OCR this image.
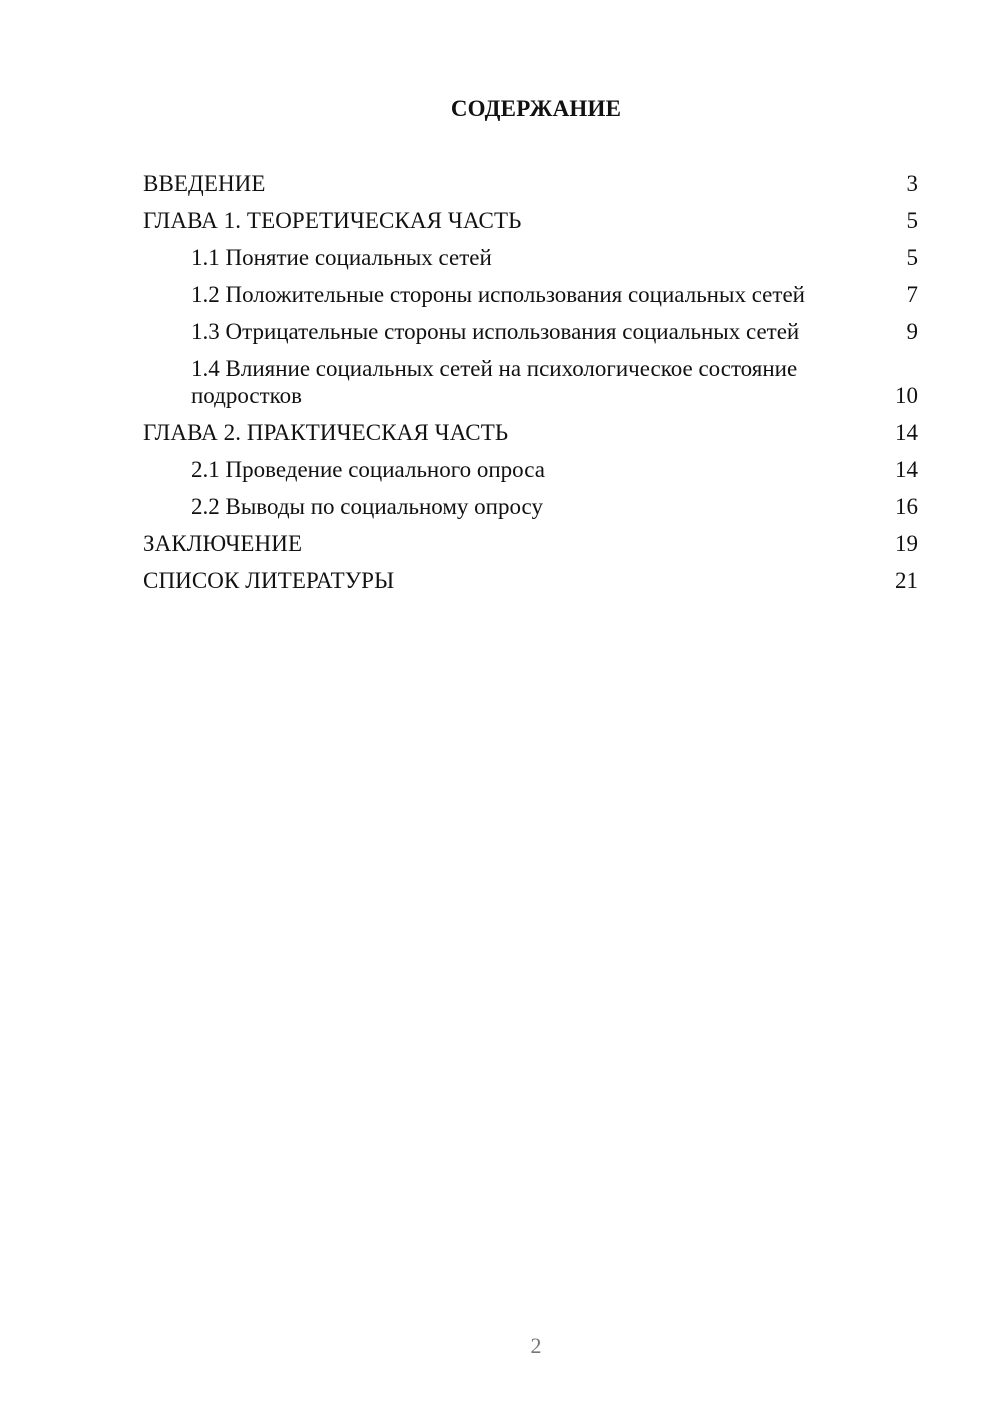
СОДЕРЖАНИЕ
ВВЕДЕНИЕ	3
ГЛАВА 1. ТЕОРЕТИЧЕСКАЯ ЧАСТЬ	5
1.1 Понятие социальных сетей	5
1.2 Положительные стороны использования социальных сетей	7
1.3 Отрицательные стороны использования социальных сетей	9
1.4 Влияние социальных сетей на психологическое состояние подростков	10
ГЛАВА 2. ПРАКТИЧЕСКАЯ ЧАСТЬ	14
2.1 Проведение социального опроса	14
2.2 Выводы по социальному опросу	16
ЗАКЛЮЧЕНИЕ	19
СПИСОК ЛИТЕРАТУРЫ	21
2
